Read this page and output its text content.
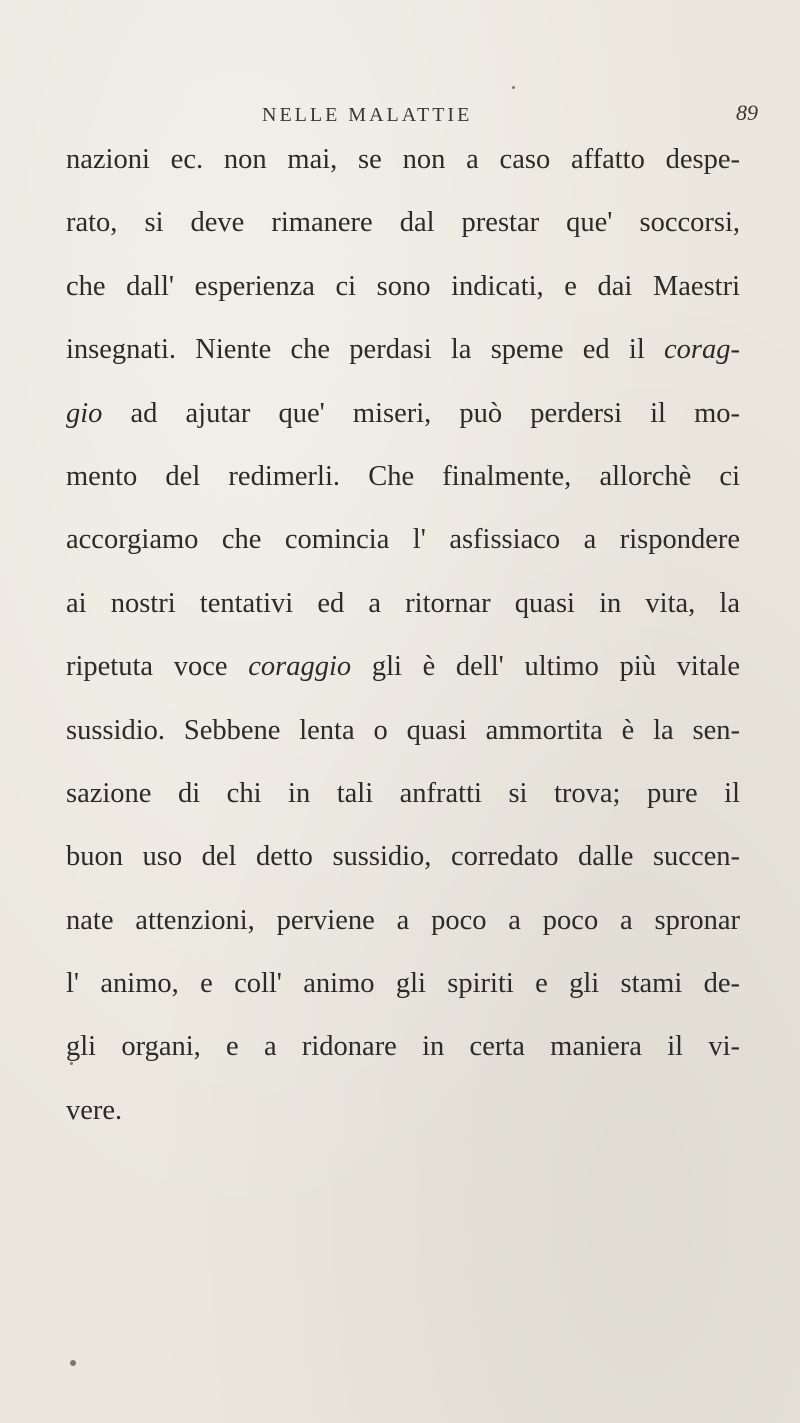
NELLE MALATTIE	89
nazioni ec. non mai, se non a caso affatto despe-
rato, si deve rimanere dal prestar que' soccorsi,
che dall' esperienza ci sono indicati, e dai Maestri
insegnati. Niente che perdasi la speme ed il corag-
gio ad ajutar que' miseri, può perdersi il mo-
mento del redimerli. Che finalmente, allorchè ci
accorgiamo che comincia l' asfissiaco a rispondere
ai nostri tentativi ed a ritornar quasi in vita, la
ripetuta voce coraggio gli è dell' ultimo più vitale
sussidio. Sebbene lenta o quasi ammortita è la sen-
sazione di chi in tali anfratti si trova; pure il
buon uso del detto sussidio, corredato dalle succen-
nate attenzioni, perviene a poco a poco a spronar
l' animo, e coll' animo gli spiriti e gli stami de-
gli organi, e a ridonare in certa maniera il vi-
vere.
